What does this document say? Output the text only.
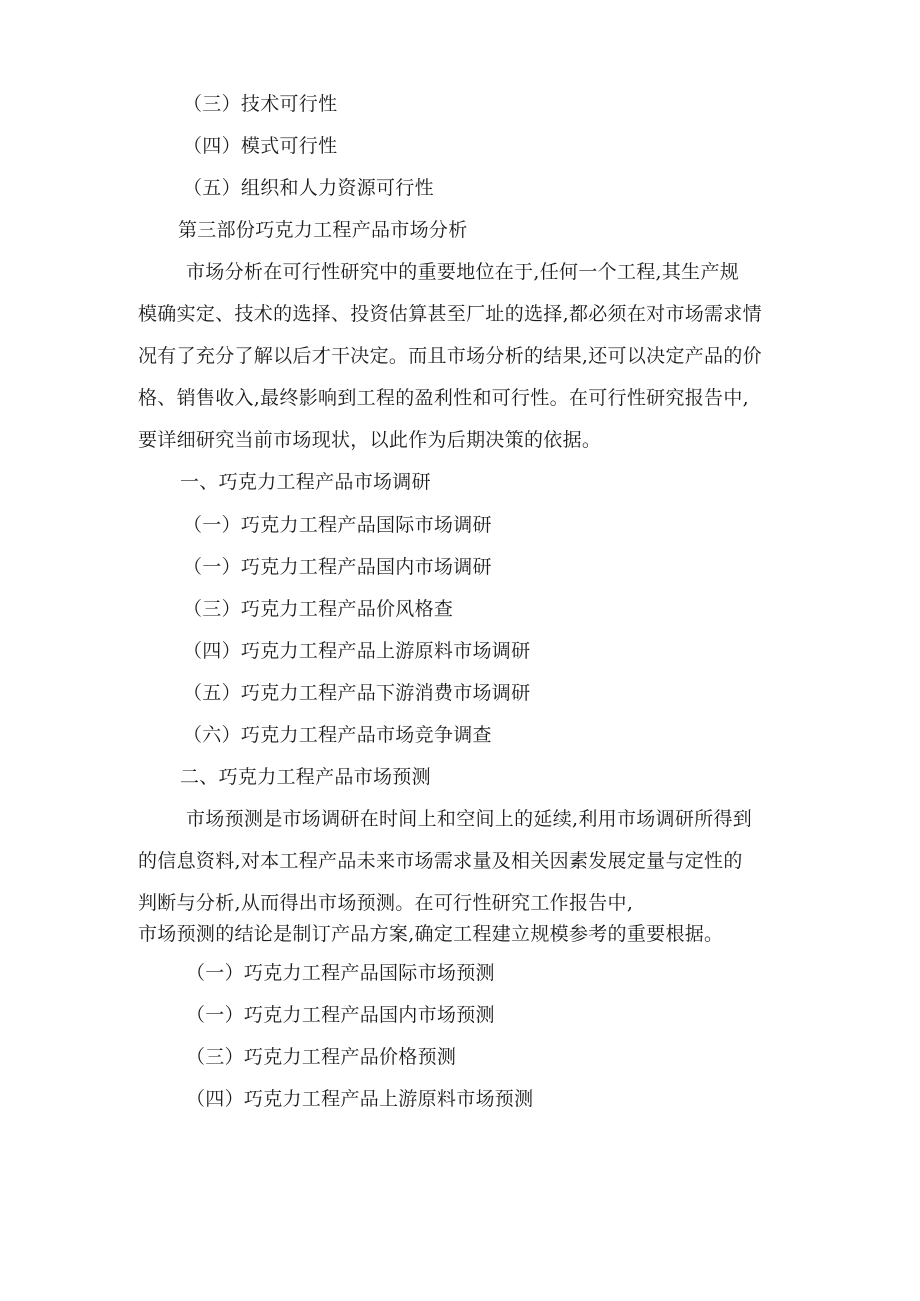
（三）技术可行性
（四）模式可行性
（五）组织和人力资源可行性
第三部份巧克力工程产品市场分析
市场分析在可行性研究中的重要地位在于,任何一个工程,其生产规
模确实定、技术的选择、投资估算甚至厂址的选择,都必须在对市场需求情
况有了充分了解以后才干决定。而且市场分析的结果,还可以决定产品的价
格、销售收入,最终影响到工程的盈利性和可行性。在可行性研究报告中,
要详细研究当前市场现状，以此作为后期决策的依据。
一、巧克力工程产品市场调研
（一）巧克力工程产品国际市场调研
（一）巧克力工程产品国内市场调研
（三）巧克力工程产品价风格查
（四）巧克力工程产品上游原料市场调研
（五）巧克力工程产品下游消费市场调研
（六）巧克力工程产品市场竞争调查
二、巧克力工程产品市场预测
市场预测是市场调研在时间上和空间上的延续,利用市场调研所得到
的信息资料,对本工程产品未来市场需求量及相关因素发展定量与定性的
判断与分析,从而得出市场预测。在可行性研究工作报告中,
市场预测的结论是制订产品方案,确定工程建立规模参考的重要根据。
（一）巧克力工程产品国际市场预测
（一）巧克力工程产品国内市场预测
（三）巧克力工程产品价格预测
（四）巧克力工程产品上游原料市场预测
